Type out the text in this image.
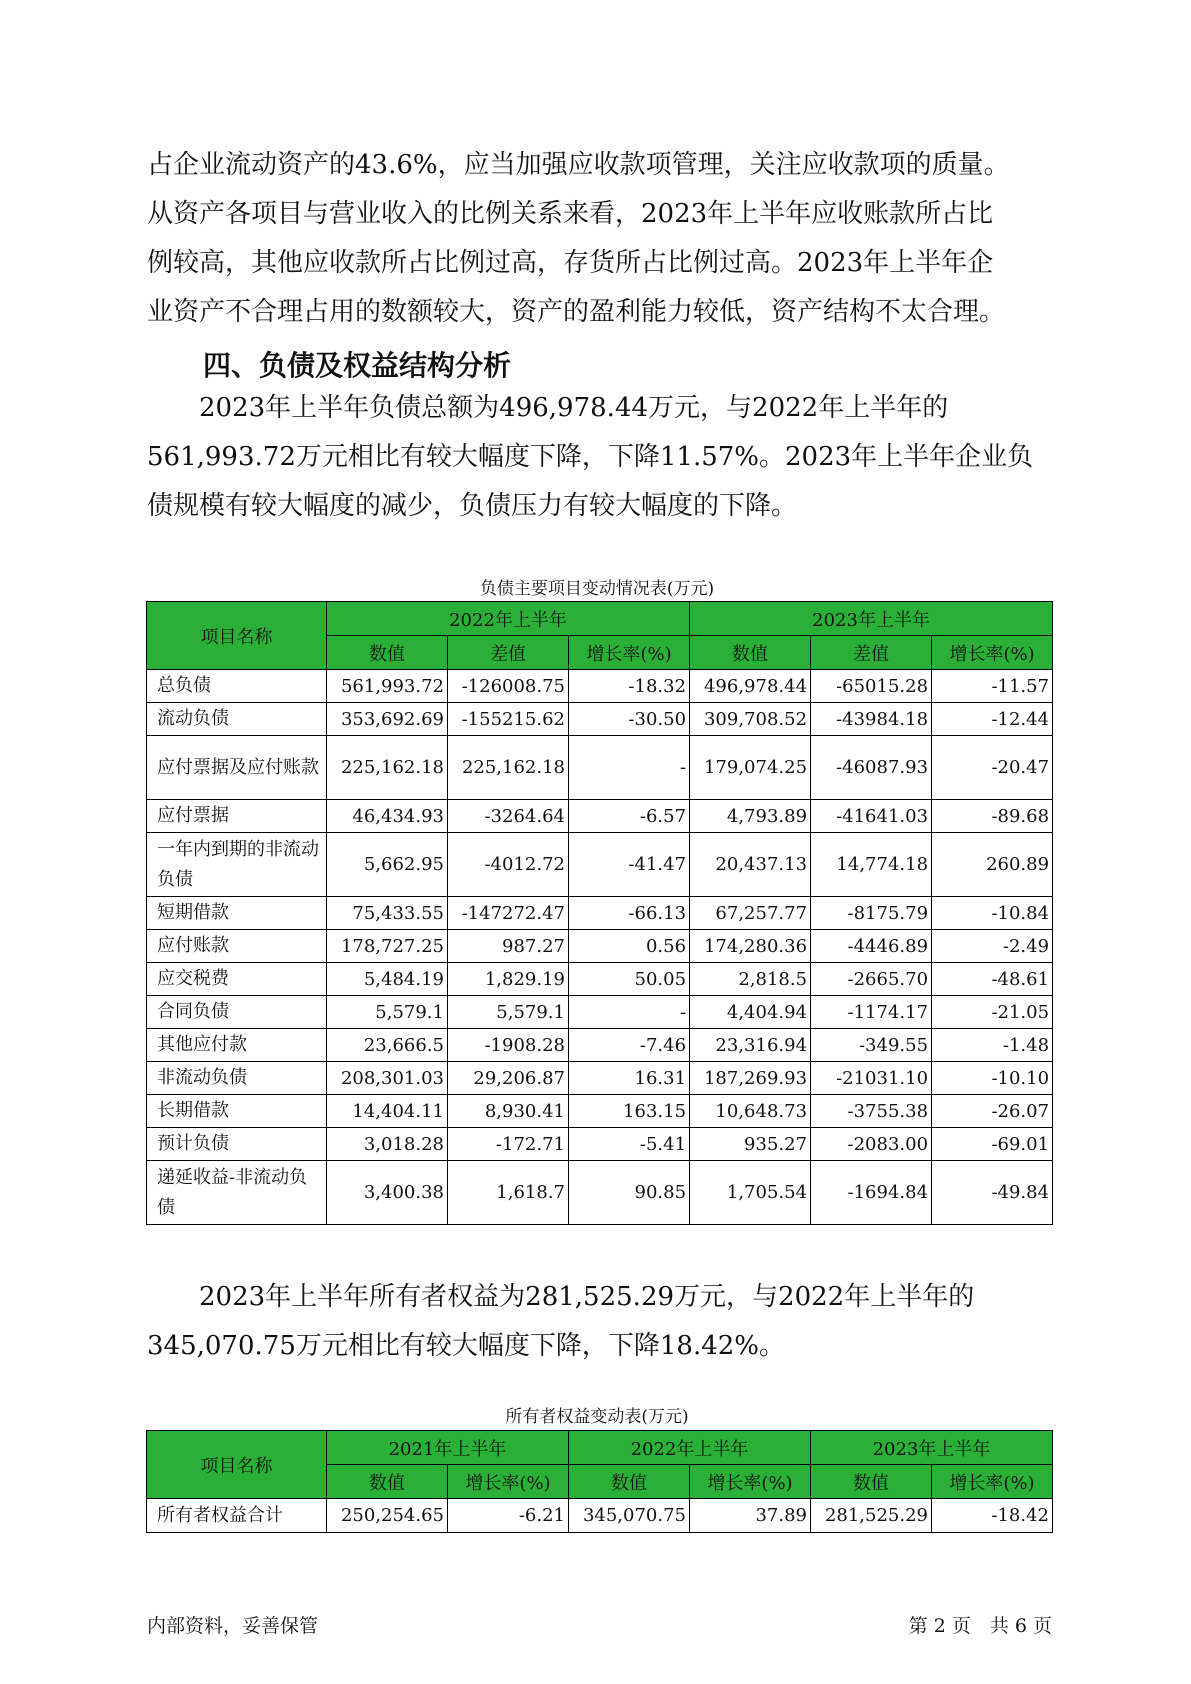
占企业流动资产的43.6%，应当加强应收款项管理，关注应收款项的质量。
从资产各项目与营业收入的比例关系来看，2023年上半年应收账款所占比
例较高，其他应收款所占比例过高，存货所占比例过高。2023年上半年企
业资产不合理占用的数额较大，资产的盈利能力较低，资产结构不太合理。
四、负债及权益结构分析
　　2023年上半年负债总额为496,978.44万元，与2022年上半年的
561,993.72万元相比有较大幅度下降，下降11.57%。2023年上半年企业负
债规模有较大幅度的减少，负债压力有较大幅度的下降。
负债主要项目变动情况表(万元)
项目名称	2022年上半年			2023年上半年		
	数值	差值	增长率(%)	数值	差值	增长率(%)
总负债	561,993.72	-126008.75	-18.32	496,978.44	-65015.28	-11.57
流动负债	353,692.69	-155215.62	-30.50	309,708.52	-43984.18	-12.44
应付票据及应付账款	225,162.18	225,162.18	-	179,074.25	-46087.93	-20.47
应付票据	46,434.93	-3264.64	-6.57	4,793.89	-41641.03	-89.68
一年内到期的非流动负债	5,662.95	-4012.72	-41.47	20,437.13	14,774.18	260.89
短期借款	75,433.55	-147272.47	-66.13	67,257.77	-8175.79	-10.84
应付账款	178,727.25	987.27	0.56	174,280.36	-4446.89	-2.49
应交税费	5,484.19	1,829.19	50.05	2,818.5	-2665.70	-48.61
合同负债	5,579.1	5,579.1	-	4,404.94	-1174.17	-21.05
其他应付款	23,666.5	-1908.28	-7.46	23,316.94	-349.55	-1.48
非流动负债	208,301.03	29,206.87	16.31	187,269.93	-21031.10	-10.10
长期借款	14,404.11	8,930.41	163.15	10,648.73	-3755.38	-26.07
预计负债	3,018.28	-172.71	-5.41	935.27	-2083.00	-69.01
递延收益-非流动负债	3,400.38	1,618.7	90.85	1,705.54	-1694.84	-49.84
　　2023年上半年所有者权益为281,525.29万元，与2022年上半年的
345,070.75万元相比有较大幅度下降，下降18.42%。
所有者权益变动表(万元)
项目名称	2021年上半年		2022年上半年		2023年上半年	
	数值	增长率(%)	数值	增长率(%)	数值	增长率(%)
所有者权益合计	250,254.65	-6.21	345,070.75	37.89	281,525.29	-18.42
内部资料，妥善保管	第 2 页　共 6 页
